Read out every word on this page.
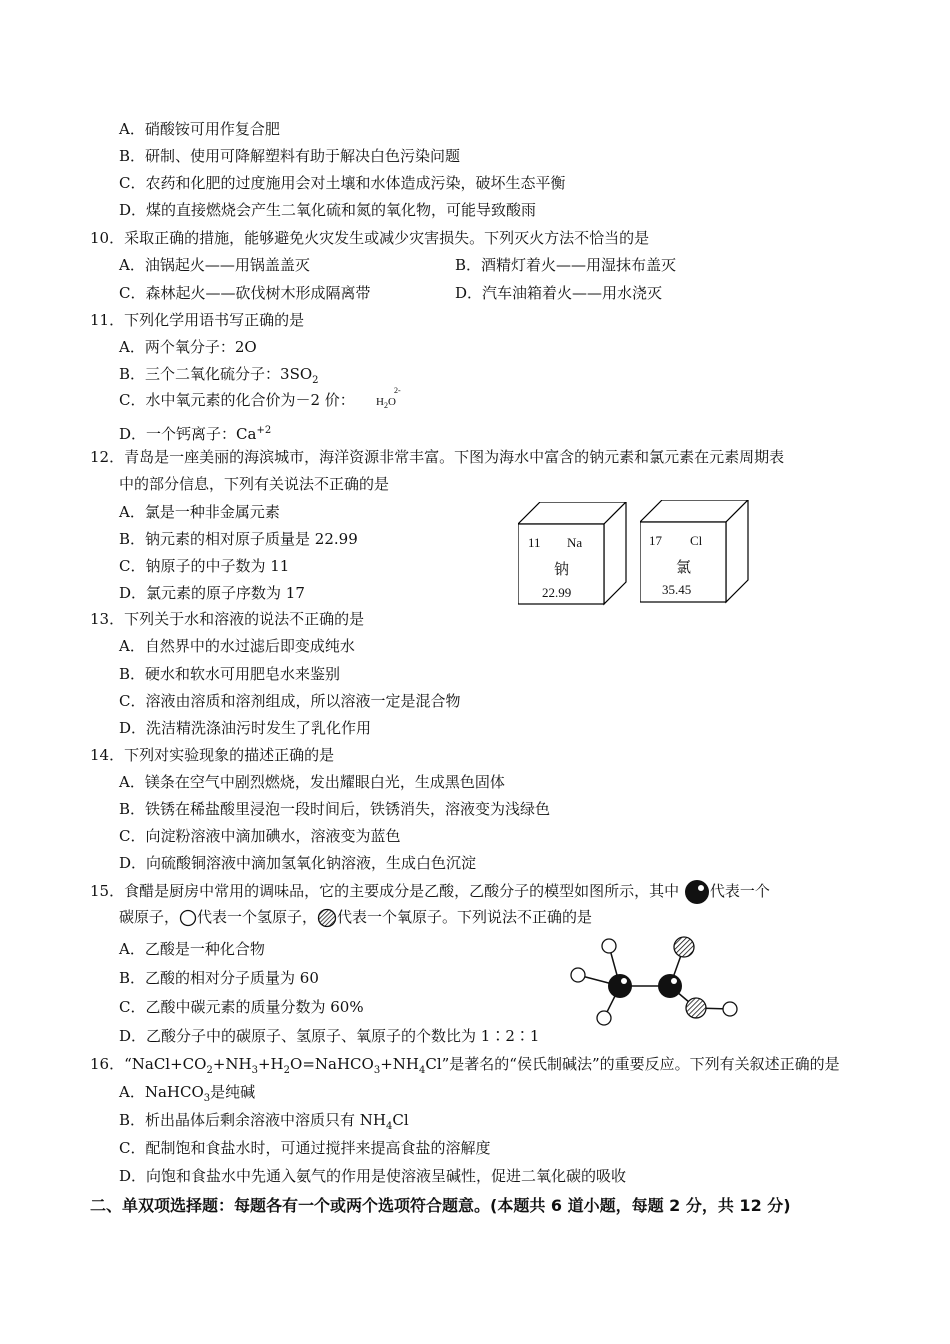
A．硝酸铵可用作复合肥
B．研制、使用可降解塑料有助于解决白色污染问题
C．农药和化肥的过度施用会对土壤和水体造成污染，破坏生态平衡
D．煤的直接燃烧会产生二氧化硫和氮的氧化物，可能导致酸雨
10．采取正确的措施，能够避免火灾发生或减少灾害损失。下列灭火方法不恰当的是
A．油锅起火——用锅盖盖灭	B．酒精灯着火——用湿抹布盖灭
C．森林起火——砍伐树木形成隔离带	D．汽车油箱着火——用水浇灭
11．下列化学用语书写正确的是
A．两个氧分子：2O
B．三个二氧化硫分子：$3SO_2$
C．水中氧元素的化合价为－2 价： $H_2O$
2-
D．一个钙离子：$Ca^{+2}$
12．青岛是一座美丽的海滨城市，海洋资源非常丰富。下图为海水中富含的钠元素和氯元素在元素周期表
中的部分信息，下列有关说法不正确的是
A．氯是一种非金属元素
B．钠元素的相对原子质量是 22.99
C．钠原子的中子数为 11
D．氯元素的原子序数为 17
11 Na
钠
22.99
17 Cl
氯
35.45
13．下列关于水和溶液的说法不正确的是
A．自然界中的水过滤后即变成纯水
B．硬水和软水可用肥皂水来鉴别
C．溶液由溶质和溶剂组成，所以溶液一定是混合物
D．洗洁精洗涤油污时发生了乳化作用
14．下列对实验现象的描述正确的是
A．镁条在空气中剧烈燃烧，发出耀眼白光，生成黑色固体
B．铁锈在稀盐酸里浸泡一段时间后，铁锈消失，溶液变为浅绿色
C．向淀粉溶液中滴加碘水，溶液变为蓝色
D．向硫酸铜溶液中滴加氢氧化钠溶液，生成白色沉淀
15．食醋是厨房中常用的调味品，它的主要成分是乙酸，乙酸分子的模型如图所示，其中 代表一个
碳原子， 代表一个氢原子， 代表一个氧原子。下列说法不正确的是
A．乙酸是一种化合物
B．乙酸的相对分子质量为 60
C．乙酸中碳元素的质量分数为 60%
D．乙酸分子中的碳原子、氢原子、氧原子的个数比为 1∶2∶1
16．“$NaCl+CO_2+NH_3+H_2O=NaHCO_3+NH_4Cl$”是著名的“侯氏制碱法”的重要反应。下列有关叙述正确的是
A．NaHCO$_3$是纯碱
B．析出晶体后剩余溶液中溶质只有 $NH_4Cl$
C．配制饱和食盐水时，可通过搅拌来提高食盐的溶解度
D．向饱和食盐水中先通入氨气的作用是使溶液呈碱性，促进二氧化碳的吸收
二、单双项选择题：每题各有一个或两个选项符合题意。(本题共 6 道小题，每题 2 分，共 12 分)
